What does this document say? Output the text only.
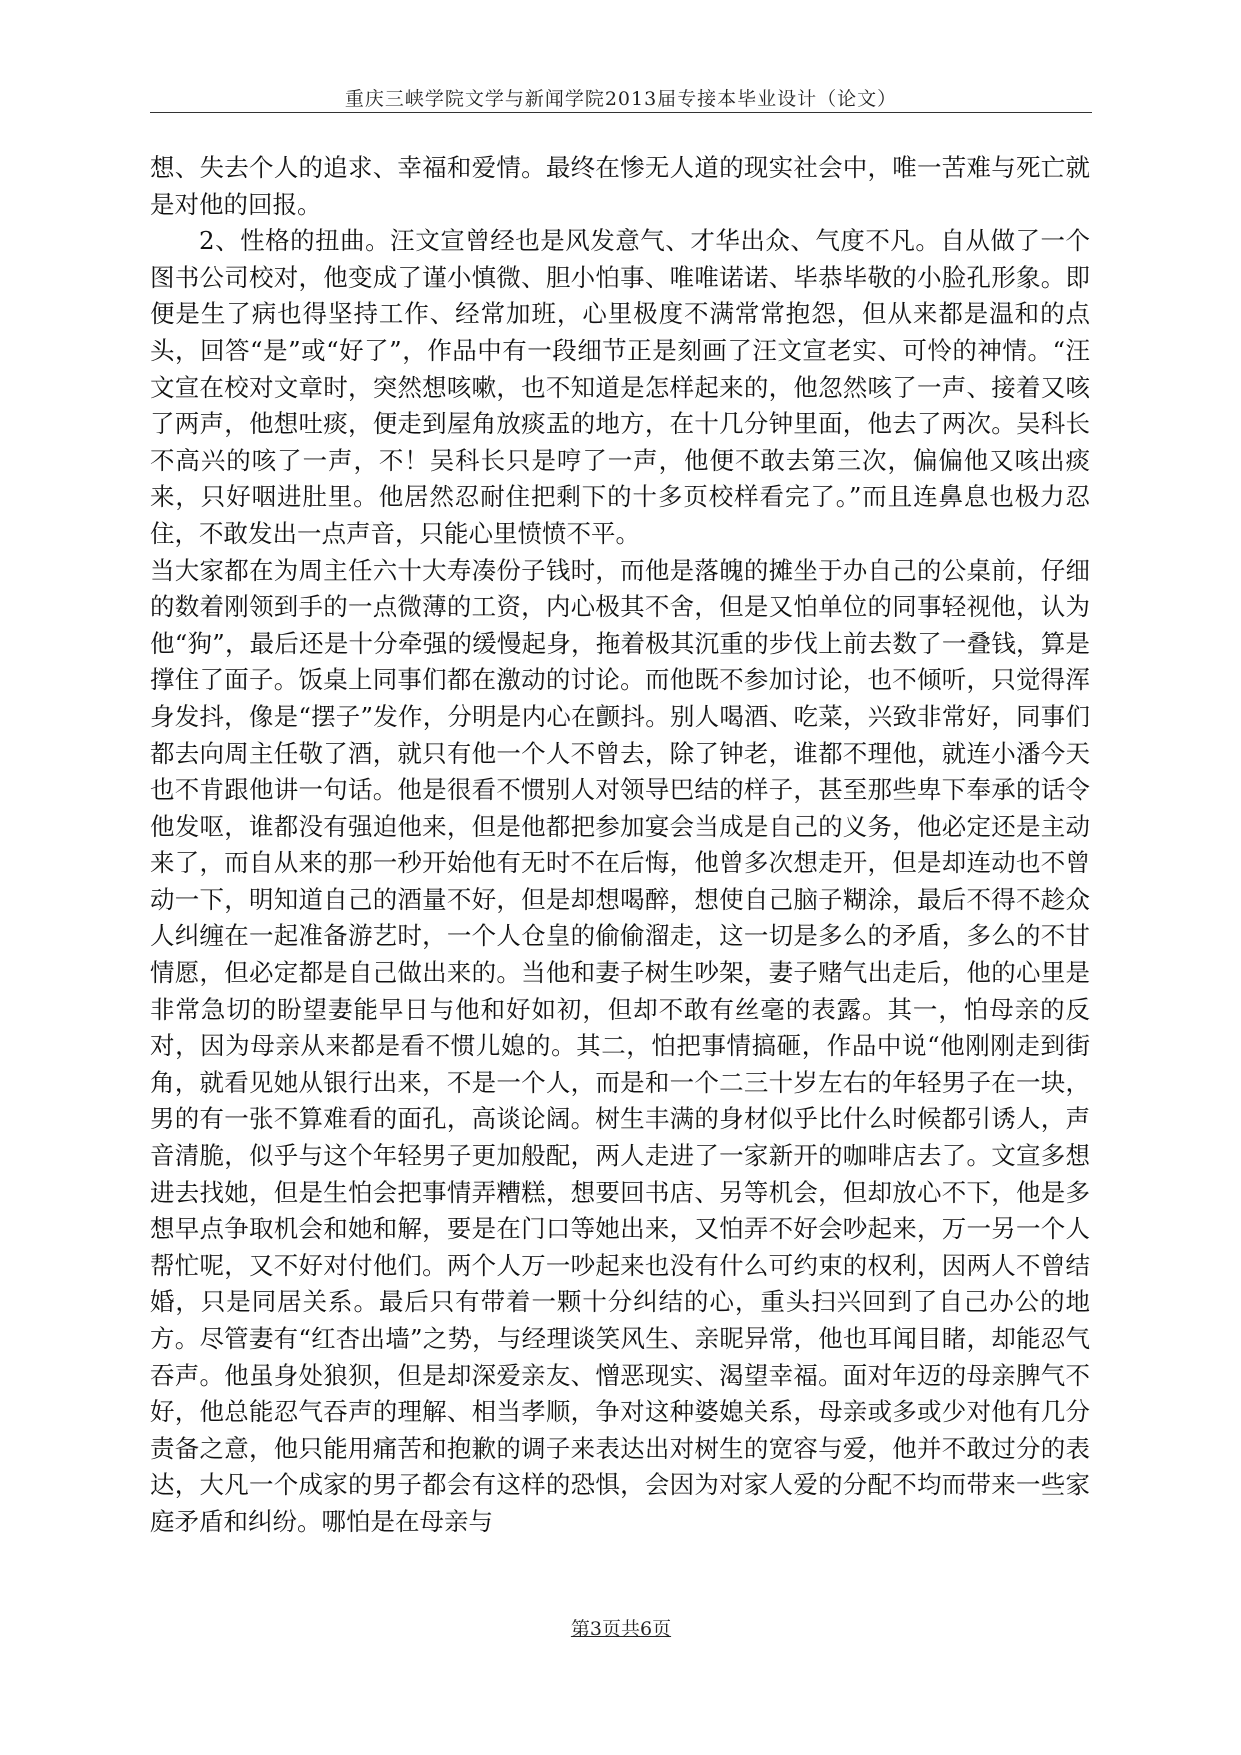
重庆三峡学院文学与新闻学院2013届专接本毕业设计（论文）

想、失去个人的追求、幸福和爱情。最终在惨无人道的现实社会中，唯一苦难与死亡就是对他的回报。

2、性格的扭曲。汪文宣曾经也是风发意气、才华出众、气度不凡。自从做了一个图书公司校对，他变成了谨小慎微、胆小怕事、唯唯诺诺、毕恭毕敬的小脸孔形象。即便是生了病也得坚持工作、经常加班，心里极度不满常常抱怨，但从来都是温和的点头，回答“是”或“好了”，作品中有一段细节正是刻画了汪文宣老实、可怜的神情。“汪文宣在校对文章时，突然想咳嗽，也不知道是怎样起来的，他忽然咳了一声、接着又咳了两声，他想吐痰，便走到屋角放痰盂的地方，在十几分钟里面，他去了两次。吴科长不高兴的咳了一声，不！吴科长只是哼了一声，他便不敢去第三次，偏偏他又咳出痰来，只好咽进肚里。他居然忍耐住把剩下的十多页校样看完了。”而且连鼻息也极力忍住，不敢发出一点声音，只能心里愤愤不平。

当大家都在为周主任六十大寿凑份子钱时，而他是落魄的摊坐于办自己的公桌前，仔细的数着刚领到手的一点微薄的工资，内心极其不舍，但是又怕单位的同事轻视他，认为他“狗”，最后还是十分牵强的缓慢起身，拖着极其沉重的步伐上前去数了一叠钱，算是撑住了面子。饭桌上同事们都在激动的讨论。而他既不参加讨论，也不倾听，只觉得浑身发抖，像是“摆子”发作，分明是内心在颤抖。别人喝酒、吃菜，兴致非常好，同事们都去向周主任敬了酒，就只有他一个人不曾去，除了钟老，谁都不理他，就连小潘今天也不肯跟他讲一句话。他是很看不惯别人对领导巴结的样子，甚至那些卑下奉承的话令他发呕，谁都没有强迫他来，但是他都把参加宴会当成是自己的义务，他必定还是主动来了，而自从来的那一秒开始他有无时不在后悔，他曾多次想走开，但是却连动也不曾动一下，明知道自己的酒量不好，但是却想喝醉，想使自己脑子糊涂，最后不得不趁众人纠缠在一起准备游艺时，一个人仓皇的偷偷溜走，这一切是多么的矛盾，多么的不甘情愿，但必定都是自己做出来的。当他和妻子树生吵架，妻子赌气出走后，他的心里是非常急切的盼望妻能早日与他和好如初，但却不敢有丝毫的表露。其一，怕母亲的反对，因为母亲从来都是看不惯儿媳的。其二，怕把事情搞砸，作品中说“他刚刚走到街角，就看见她从银行出来，不是一个人，而是和一个二三十岁左右的年轻男子在一块，男的有一张不算难看的面孔，高谈论阔。树生丰满的身材似乎比什么时候都引诱人，声音清脆，似乎与这个年轻男子更加般配，两人走进了一家新开的咖啡店去了。文宣多想进去找她，但是生怕会把事情弄糟糕，想要回书店、另等机会，但却放心不下，他是多想早点争取机会和她和解，要是在门口等她出来，又怕弄不好会吵起来，万一另一个人帮忙呢，又不好对付他们。两个人万一吵起来也没有什么可约束的权利，因两人不曾结婚，只是同居关系。最后只有带着一颗十分纠结的心，重头扫兴回到了自己办公的地方。尽管妻有“红杏出墙”之势，与经理谈笑风生、亲昵异常，他也耳闻目睹，却能忍气吞声。他虽身处狼狈，但是却深爱亲友、憎恶现实、渴望幸福。面对年迈的母亲脾气不好，他总能忍气吞声的理解、相当孝顺，争对这种婆媳关系，母亲或多或少对他有几分责备之意，他只能用痛苦和抱歉的调子来表达出对树生的宽容与爱，他并不敢过分的表达，大凡一个成家的男子都会有这样的恐惧，会因为对家人爱的分配不均而带来一些家庭矛盾和纠纷。哪怕是在母亲与

第3页共6页
